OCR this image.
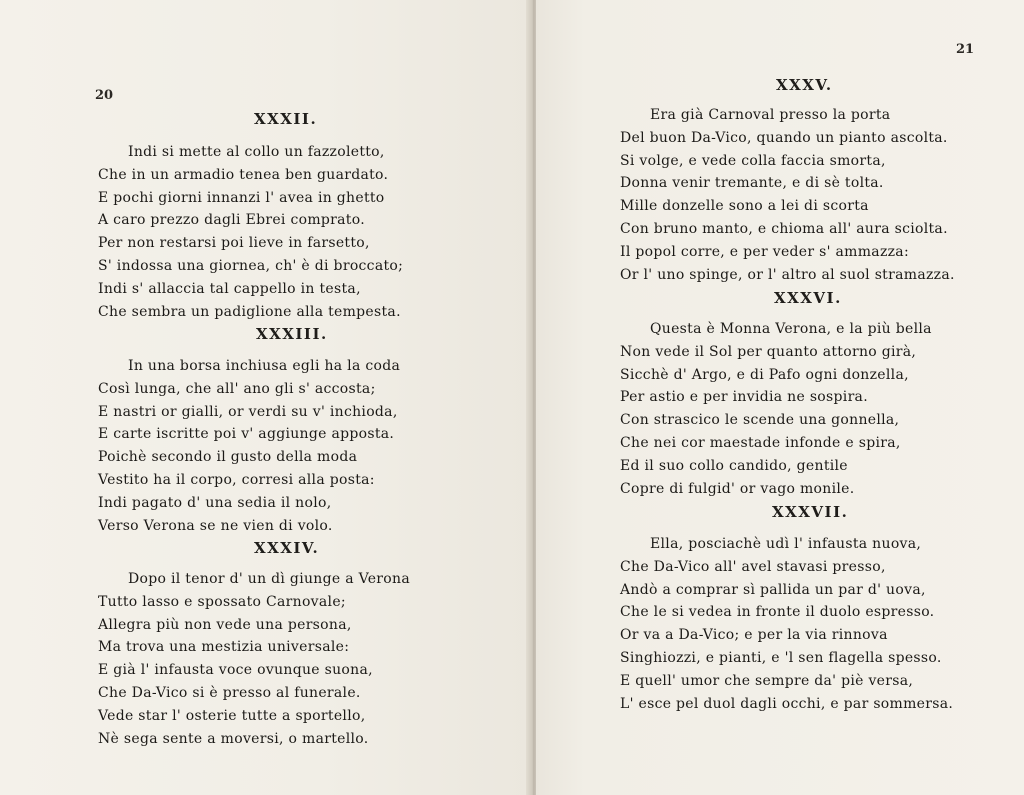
20
XXXII.
Indi si mette al collo un fazzoletto,
Che in un armadio tenea ben guardato.
E pochi giorni innanzi l' avea in ghetto
A caro prezzo dagli Ebrei comprato.
Per non restarsi poi lieve in farsetto,
S' indossa una giornea, ch' è di broccato;
Indi s' allaccia tal cappello in testa,
Che sembra un padiglione alla tempesta.
XXXIII.
In una borsa inchiusa egli ha la coda
Così lunga, che all' ano gli s' accosta;
E nastri or gialli, or verdi su v' inchioda,
E carte iscritte poi v' aggiunge apposta.
Poichè secondo il gusto della moda
Vestito ha il corpo, corresi alla posta:
Indi pagato d' una sedia il nolo,
Verso Verona se ne vien di volo.
XXXIV.
Dopo il tenor d' un dì giunge a Verona
Tutto lasso e spossato Carnovale;
Allegra più non vede una persona,
Ma trova una mestizia universale:
E già l' infausta voce ovunque suona,
Che Da-Vico si è presso al funerale.
Vede star l' osterie tutte a sportello,
Nè sega sente a moversi, o martello.
21
XXXV.
Era già Carnoval presso la porta
Del buon Da-Vico, quando un pianto ascolta.
Si volge, e vede colla faccia smorta,
Donna venir tremante, e di sè tolta.
Mille donzelle sono a lei di scorta
Con bruno manto, e chioma all' aura sciolta.
Il popol corre, e per veder s' ammazza:
Or l' uno spinge, or l' altro al suol stramazza.
XXXVI.
Questa è Monna Verona, e la più bella
Non vede il Sol per quanto attorno girà,
Sicchè d' Argo, e di Pafo ogni donzella,
Per astio e per invidia ne sospira.
Con strascico le scende una gonnella,
Che nei cor maestade infonde e spira,
Ed il suo collo candido, gentile
Copre di fulgid' or vago monile.
XXXVII.
Ella, posciachè udì l' infausta nuova,
Che Da-Vico all' avel stavasi presso,
Andò a comprar sì pallida un par d' uova,
Che le si vedea in fronte il duolo espresso.
Or va a Da-Vico; e per la via rinnova
Singhiozzi, e pianti, e 'l sen flagella spesso.
E quell' umor che sempre da' piè versa,
L' esce pel duol dagli occhi, e par sommersa.
